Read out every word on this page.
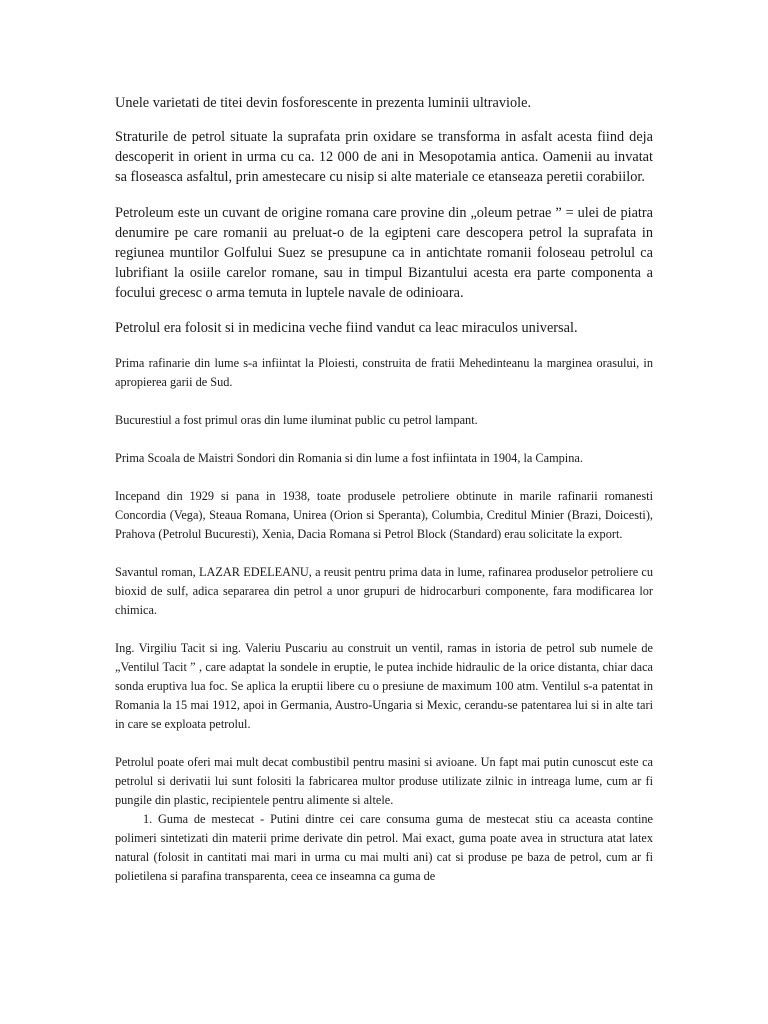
Unele varietati de titei devin fosforescente in prezenta luminii ultraviole.

Straturile de petrol situate la suprafata prin oxidare se transforma in asfalt acesta fiind deja descoperit in orient in urma cu ca. 12 000 de ani in Mesopotamia antica. Oamenii au invatat sa floseasca asfaltul, prin amestecare cu nisip si alte materiale ce etanseaza peretii corabiilor.

Petroleum este un cuvant de origine romana care provine din „oleum petrae ” = ulei de piatra denumire pe care romanii au preluat-o de la egipteni care descopera petrol la suprafata in regiunea muntilor Golfului Suez se presupune ca in antichtate romanii foloseau petrolul ca lubrifiant la osiile carelor romane, sau in timpul Bizantului acesta era parte componenta a focului grecesc o arma temuta in luptele navale de odinioara.

Petrolul era folosit si in medicina veche fiind vandut ca leac miraculos universal.

Prima rafinarie din lume s-a infiintat la Ploiesti, construita de fratii Mehedinteanu la marginea orasului, in apropierea garii de Sud.

Bucurestiul a fost primul oras din lume iluminat public cu petrol lampant.

Prima Scoala de Maistri Sondori din Romania si din lume a fost infiintata in 1904, la Campina.

Incepand din 1929 si pana in 1938, toate produsele petroliere obtinute in marile rafinarii romanesti Concordia (Vega), Steaua Romana, Unirea (Orion si Speranta), Columbia, Creditul Minier (Brazi, Doicesti), Prahova (Petrolul Bucuresti), Xenia, Dacia Romana si Petrol Block (Standard) erau solicitate la export.

Savantul roman, LAZAR EDELEANU, a reusit pentru prima data in lume, rafinarea produselor petroliere cu bioxid de sulf, adica separarea din petrol a unor grupuri de hidrocarburi componente, fara modificarea lor chimica.

Ing. Virgiliu Tacit si ing. Valeriu Puscariu au construit un ventil, ramas in istoria de petrol sub numele de „Ventilul Tacit ” , care adaptat la sondele in eruptie, le putea inchide hidraulic de la orice distanta, chiar daca sonda eruptiva lua foc. Se aplica la eruptii libere cu o presiune de maximum 100 atm. Ventilul s-a patentat in Romania la 15 mai 1912, apoi in Germania, Austro-Ungaria si Mexic, cerandu-se patentarea lui si in alte tari in care se exploata petrolul.

Petrolul poate oferi mai mult decat combustibil pentru masini si avioane. Un fapt mai putin cunoscut este ca petrolul si derivatii lui sunt folositi la fabricarea multor produse utilizate zilnic in intreaga lume, cum ar fi pungile din plastic, recipientele pentru alimente si altele.

1. Guma de mestecat - Putini dintre cei care consuma guma de mestecat stiu ca aceasta contine polimeri sintetizati din materii prime derivate din petrol. Mai exact, guma poate avea in structura atat latex natural (folosit in cantitati mai mari in urma cu mai multi ani) cat si produse pe baza de petrol, cum ar fi polietilena si parafina transparenta, ceea ce inseamna ca guma de
